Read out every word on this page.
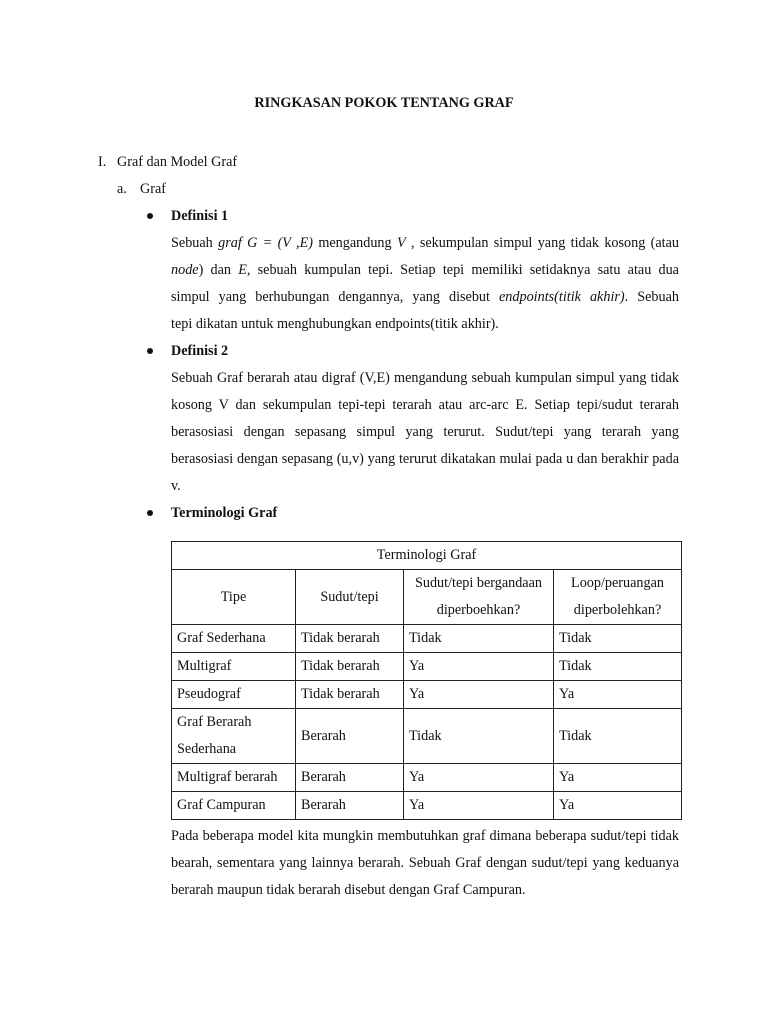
RINGKASAN POKOK TENTANG GRAF
I. Graf dan Model Graf
a. Graf
Definisi 1
Sebuah graf G = (V ,E) mengandung V , sekumpulan simpul yang tidak kosong (atau
node) dan E, sebuah kumpulan tepi. Setiap tepi memiliki setidaknya satu atau dua
simpul yang berhubungan dengannya, yang disebut endpoints(titik akhir). Sebuah
tepi dikatan untuk menghubungkan endpoints(titik akhir).
Definisi 2
Sebuah Graf berarah atau digraf (V,E) mengandung sebuah kumpulan simpul yang tidak kosong V dan sekumpulan tepi-tepi terarah atau arc-arc E. Setiap tepi/sudut terarah berasosiasi dengan sepasang simpul yang terurut. Sudut/tepi yang terarah yang berasosiasi dengan sepasang (u,v) yang terurut dikatakan mulai pada u dan berakhir pada v.
Terminologi Graf
Terminologi Graf			
Tipe	Sudut/tepi	Sudut/tepi bergandaan diperboehkan?	Loop/peruangan diperbolehkan?
Graf Sederhana	Tidak berarah	Tidak	Tidak
Multigraf	Tidak berarah	Ya	Tidak
Pseudograf	Tidak berarah	Ya	Ya
Graf Berarah Sederhana	Berarah	Tidak	Tidak
Multigraf berarah	Berarah	Ya	Ya
Graf Campuran	Berarah	Ya	Ya
Pada beberapa model kita mungkin membutuhkan graf dimana beberapa sudut/tepi tidak bearah, sementara yang lainnya berarah. Sebuah Graf dengan sudut/tepi yang keduanya berarah maupun tidak berarah disebut dengan Graf Campuran.
